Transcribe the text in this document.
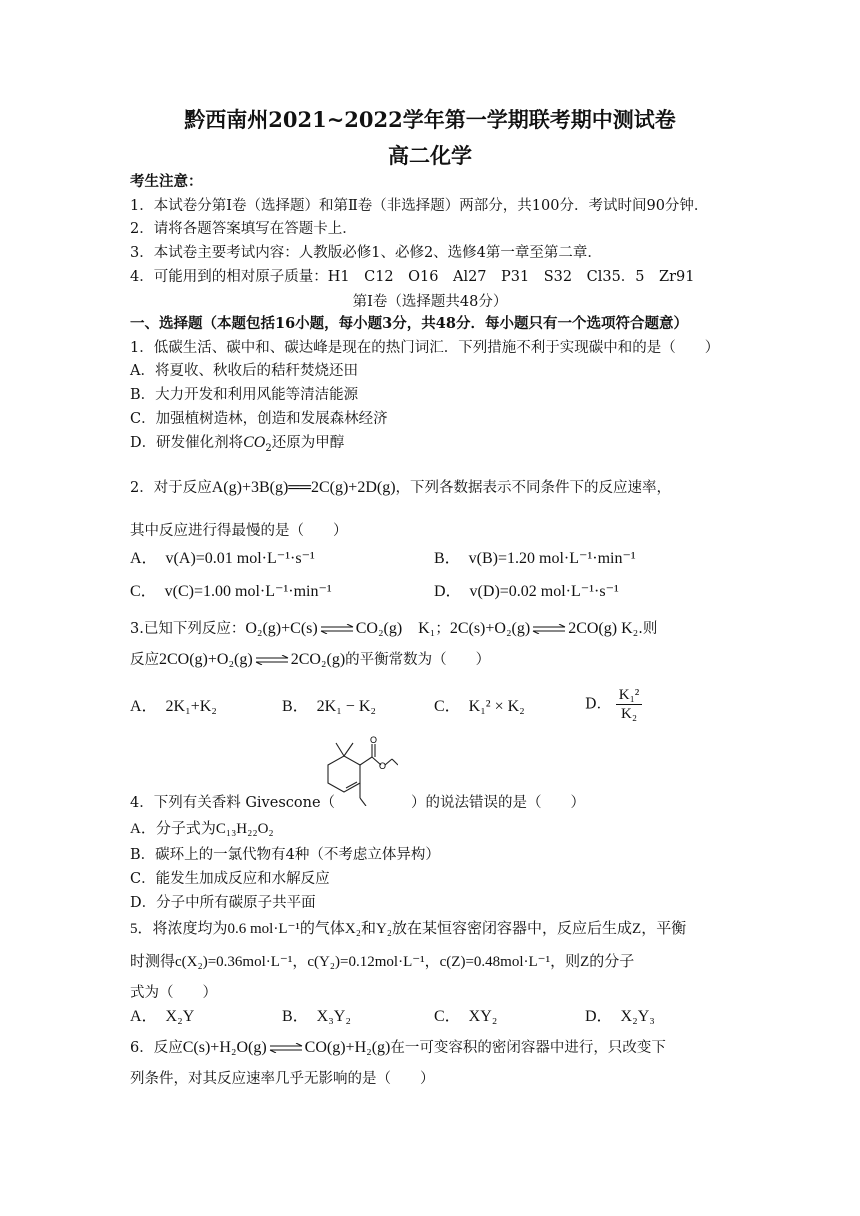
黔西南州2021~2022学年第一学期联考期中测试卷
高二化学
考生注意：
1．本试卷分第Ⅰ卷（选择题）和第Ⅱ卷（非选择题）两部分，共100分．考试时间90分钟．
2．请将各题答案填写在答题卡上．
3．本试卷主要考试内容：人教版必修1、必修2、选修4第一章至第二章．
4．可能用到的相对原子质量：H1　C12　O16　Al27　P31　S32　Cl35．5　Zr91
第Ⅰ卷（选择题共48分）
一、选择题（本题包括16小题，每小题3分，共48分．每小题只有一个选项符合题意）
1．低碳生活、碳中和、碳达峰是现在的热门词汇．下列措施不利于实现碳中和的是（　　）
A．将夏收、秋收后的秸秆焚烧还田
B．大力开发和利用风能等清洁能源
C．加强植树造林，创造和发展森林经济
D．研发催化剂将$CO_2$还原为甲醇
2．对于反应A(g)+3B(g)══2C(g)+2D(g)，下列各数据表示不同条件下的反应速率，
其中反应进行得最慢的是（　　）
A．　v(A)=0.01 mol·L⁻¹·s⁻¹	B．　v(B)=1.20 mol·L⁻¹·min⁻¹
C．　v(C)=1.00 mol·L⁻¹·min⁻¹	D．　v(D)=0.02 mol·L⁻¹·s⁻¹
3.已知下列反应：O₂(g)+C(s) ⇌ CO₂(g)　K₁；2C(s)+O₂(g) ⇌ 2CO(g) K₂.则
反应2CO(g)+O₂(g) ⇌ 2CO₂(g)的平衡常数为（　　）
A．　2K₁+K₂	B．　2K₁ − K₂	C．　K₁² × K₂	D． $\frac{\text{K₁²}}{\text{K₂}}$
O
O
4．下列有关香料 Givescone（	）的说法错误的是（　　）
A．分子式为C₁₃H₂₂O₂
B．碳环上的一氯代物有4种（不考虑立体异构）
C．能发生加成反应和水解反应
D．分子中所有碳原子共平面
5．将浓度均为0.6 mol·L⁻¹的气体X₂和Y₂放在某恒容密闭容器中，反应后生成Z，平衡
时测得c(X₂)=0.36mol·L⁻¹，c(Y₂)=0.12mol·L⁻¹，c(Z)=0.48mol·L⁻¹，则Z的分子
式为（　　）
A．　X₂Y	B．　X₃Y₂	C．　XY₂	D．　X₂Y₃
6．反应C(s)+H₂O(g) ⇌ CO(g)+H₂(g)在一可变容积的密闭容器中进行，只改变下
列条件，对其反应速率几乎无影响的是（　　）
